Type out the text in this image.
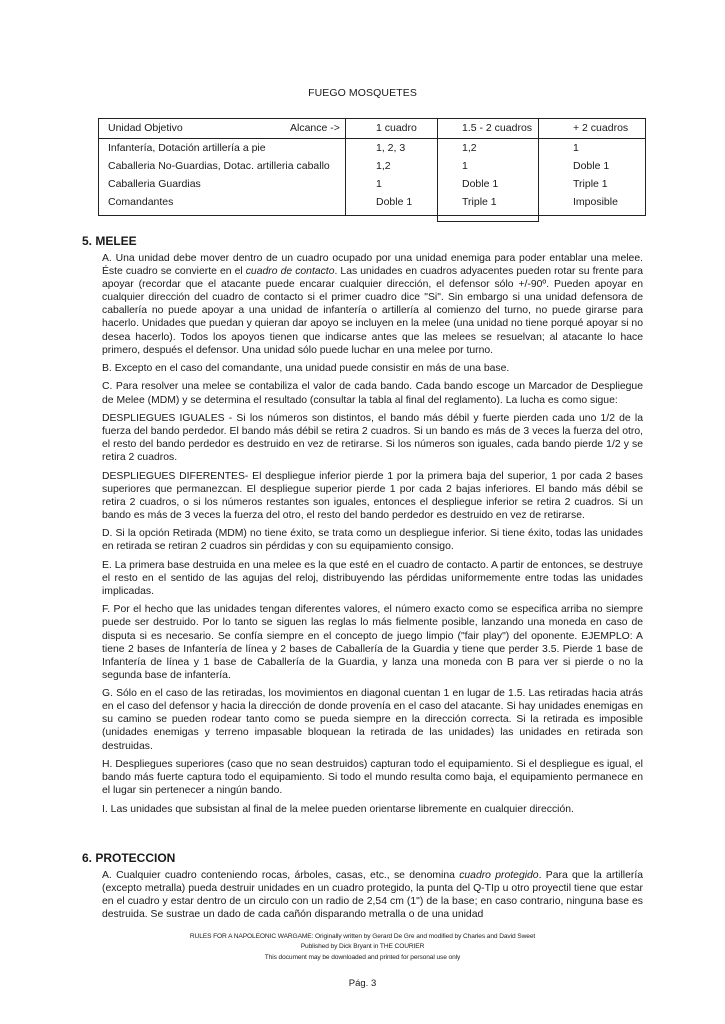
FUEGO MOSQUETES
Unidad Objetivo	Alcance ->	1 cuadro	1.5 - 2 cuadros	+ 2 cuadros
Infantería, Dotación artillería a pie	1, 2, 3	1,2	1
Caballeria No-Guardias, Dotac. artilleria caballo	1,2	1	Doble 1
Caballeria Guardias	1	Doble 1	Triple 1
Comandantes	Doble 1	Triple 1	Imposible
5. MELEE

A. Una unidad debe mover dentro de un cuadro ocupado por una unidad enemiga para poder entablar una melee. Éste cuadro se convierte en el cuadro de contacto. Las unidades en cuadros adyacentes pueden rotar su frente para apoyar (recordar que el atacante puede encarar cualquier dirección, el defensor sólo +/-90º. Pueden apoyar en cualquier dirección del cuadro de contacto si el primer cuadro dice "Si". Sin embargo si una unidad defensora de caballería no puede apoyar a una unidad de infantería o artillería al comienzo del turno, no puede girarse para hacerlo. Unidades que puedan y quieran dar apoyo se incluyen en la melee (una unidad no tiene porqué apoyar si no desea hacerlo). Todos los apoyos tienen que indicarse antes que las melees se resuelvan; al atacante lo hace primero, después el defensor. Una unidad sólo puede luchar en una melee por turno.

B. Excepto en el caso del comandante, una unidad puede consistir en más de una base.

C. Para resolver una melee se contabiliza el valor de cada bando. Cada bando escoge un Marcador de Despliegue de Melee (MDM) y se determina el resultado (consultar la tabla al final del reglamento). La lucha es como sigue:

DESPLIEGUES IGUALES - Si los números son distintos, el bando más débil y fuerte pierden cada uno 1/2 de la fuerza del bando perdedor. El bando más débil se retira 2 cuadros. Si un bando es más de 3 veces la fuerza del otro, el resto del bando perdedor es destruido en vez de retirarse. Si los números son iguales, cada bando pierde 1/2 y se retira 2 cuadros.

DESPLIEGUES DIFERENTES- El despliegue inferior pierde 1 por la primera baja del superior, 1 por cada 2 bases superiores que permanezcan. El despliegue superior pierde 1 por cada 2 bajas inferiores. El bando más débil se retira 2 cuadros, o si los números restantes son iguales, entonces el despliegue inferior se retira 2 cuadros. Si un bando es más de 3 veces la fuerza del otro, el resto del bando perdedor es destruido en vez de retirarse.

D. Si la opción Retirada (MDM) no tiene éxito, se trata como un despliegue inferior. Si tiene éxito, todas las unidades en retirada se retiran 2 cuadros sin pérdidas y con su equipamiento consigo.

E. La primera base destruida en una melee es la que esté en el cuadro de contacto. A partir de entonces, se destruye el resto en el sentido de las agujas del reloj, distribuyendo las pérdidas uniformemente entre todas las unidades implicadas.

F. Por el hecho que las unidades tengan diferentes valores, el número exacto como se especifica arriba no siempre puede ser destruido. Por lo tanto se siguen las reglas lo más fielmente posible, lanzando una moneda en caso de disputa si es necesario. Se confía siempre en el concepto de juego limpio ("fair play") del oponente. EJEMPLO: A tiene 2 bases de Infantería de línea y 2 bases de Caballería de la Guardia y tiene que perder 3.5. Pierde 1 base de Infantería de línea y 1 base de Caballería de la Guardia, y lanza una moneda con B para ver si pierde o no la segunda base de infantería.

G. Sólo en el caso de las retiradas, los movimientos en diagonal cuentan 1 en lugar de 1.5. Las retiradas hacia atrás en el caso del defensor y hacia la dirección de donde provenía en el caso del atacante. Si hay unidades enemigas en su camino se pueden rodear tanto como se pueda siempre en la dirección correcta. Si la retirada es imposible (unidades enemigas y terreno impasable bloquean la retirada de las unidades) las unidades en retirada son destruidas.

H. Despliegues superiores (caso que no sean destruidos) capturan todo el equipamiento. Si el despliegue es igual, el bando más fuerte captura todo el equipamiento. Si todo el mundo resulta como baja, el equipamiento permanece en el lugar sin pertenecer a ningún bando.

I. Las unidades que subsistan al final de la melee pueden orientarse libremente en cualquier dirección.

6. PROTECCION

A. Cualquier cuadro conteniendo rocas, árboles, casas, etc., se denomina cuadro protegido. Para que la artillería (excepto metralla) pueda destruir unidades en un cuadro protegido, la punta del Q-TIp u otro proyectil tiene que estar en el cuadro y estar dentro de un circulo con un radio de 2,54 cm (1") de la base; en caso contrario, ninguna base es destruida. Se sustrae un dado de cada cañón disparando metralla o de una unidad

RULES FOR A NAPOLEONIC WARGAME: Originally written by Gerard De Gre and modified by Charles and David Sweet
Published by Dick Bryant in THE COURIER
This document may be downloaded and printed for personal use only
Pág. 3
